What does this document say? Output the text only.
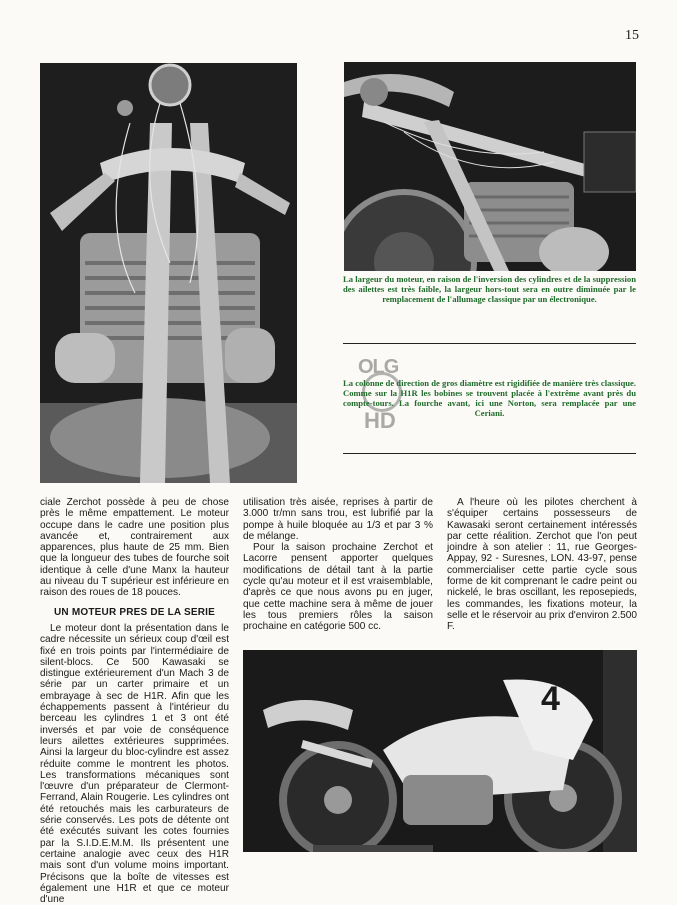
15
La largeur du moteur, en raison de l'inversion des cylindres et de la suppression des ailettes est très faible, la largeur hors-tout sera en outre diminuée par le remplacement de l'allumage classique par un électronique.
OLG
HD
La colonne de direction de gros diamètre est rigidifiée de manière très classique. Comme sur la H1R les bobines se trouvent placée à l'extrême avant près du compte-tours. La fourche avant, ici une Norton, sera remplacée par une Ceriani.

ciale Zerchot possède à peu de chose près le même empattement. Le moteur occupe dans le cadre une position plus avancée et, contrairement aux apparences, plus haute de 25 mm. Bien que la longueur des tubes de fourche soit identique à celle d'une Manx la hauteur au niveau du T supérieur est inférieure en raison des roues de 18 pouces.

UN MOTEUR PRES DE LA SERIE

Le moteur dont la présentation dans le cadre nécessite un sérieux coup d'œil est fixé en trois points par l'intermédiaire de silent-blocs. Ce 500 Kawasaki se distingue extérieurement d'un Mach 3 de série par un carter primaire et un embrayage à sec de H1R. Afin que les échappements passent à l'intérieur du berceau les cylindres 1 et 3 ont été inversés et par voie de conséquence leurs ailettes extérieures supprimées. Ainsi la largeur du bloc-cylindre est assez réduite comme le montrent les photos. Les transformations mécaniques sont l'œuvre d'un préparateur de Clermont-Ferrand, Alain Rougerie. Les cylindres ont été retouchés mais les carburateurs de série conservés. Les pots de détente ont été exécutés suivant les cotes fournies par la S.I.D.E.M.M. Ils présentent une certaine analogie avec ceux des H1R mais sont d'un volume moins important. Précisons que la boîte de vitesses est également une H1R et que ce moteur d'une

utilisation très aisée, reprises à partir de 3.000 tr/mn sans trou, est lubrifié par la pompe à huile bloquée au 1/3 et par 3 % de mélange.

Pour la saison prochaine Zerchot et Lacorre pensent apporter quelques modifications de détail tant à la partie cycle qu'au moteur et il est vraisemblable, d'après ce que nous avons pu en juger, que cette machine sera à même de jouer les tous premiers rôles la saison prochaine en catégorie 500 cc.

A l'heure où les pilotes cherchent à s'équiper certains possesseurs de Kawasaki seront certainement intéressés par cette réalition. Zerchot que l'on peut joindre à son atelier : 11, rue Georges-Appay, 92 - Suresnes, LON. 43-97, pense commercialiser cette partie cycle sous forme de kit comprenant le cadre peint ou nickelé, le bras oscillant, les reposepieds, les commandes, les fixations moteur, la selle et le réservoir au prix d'environ 2.500 F.

4
